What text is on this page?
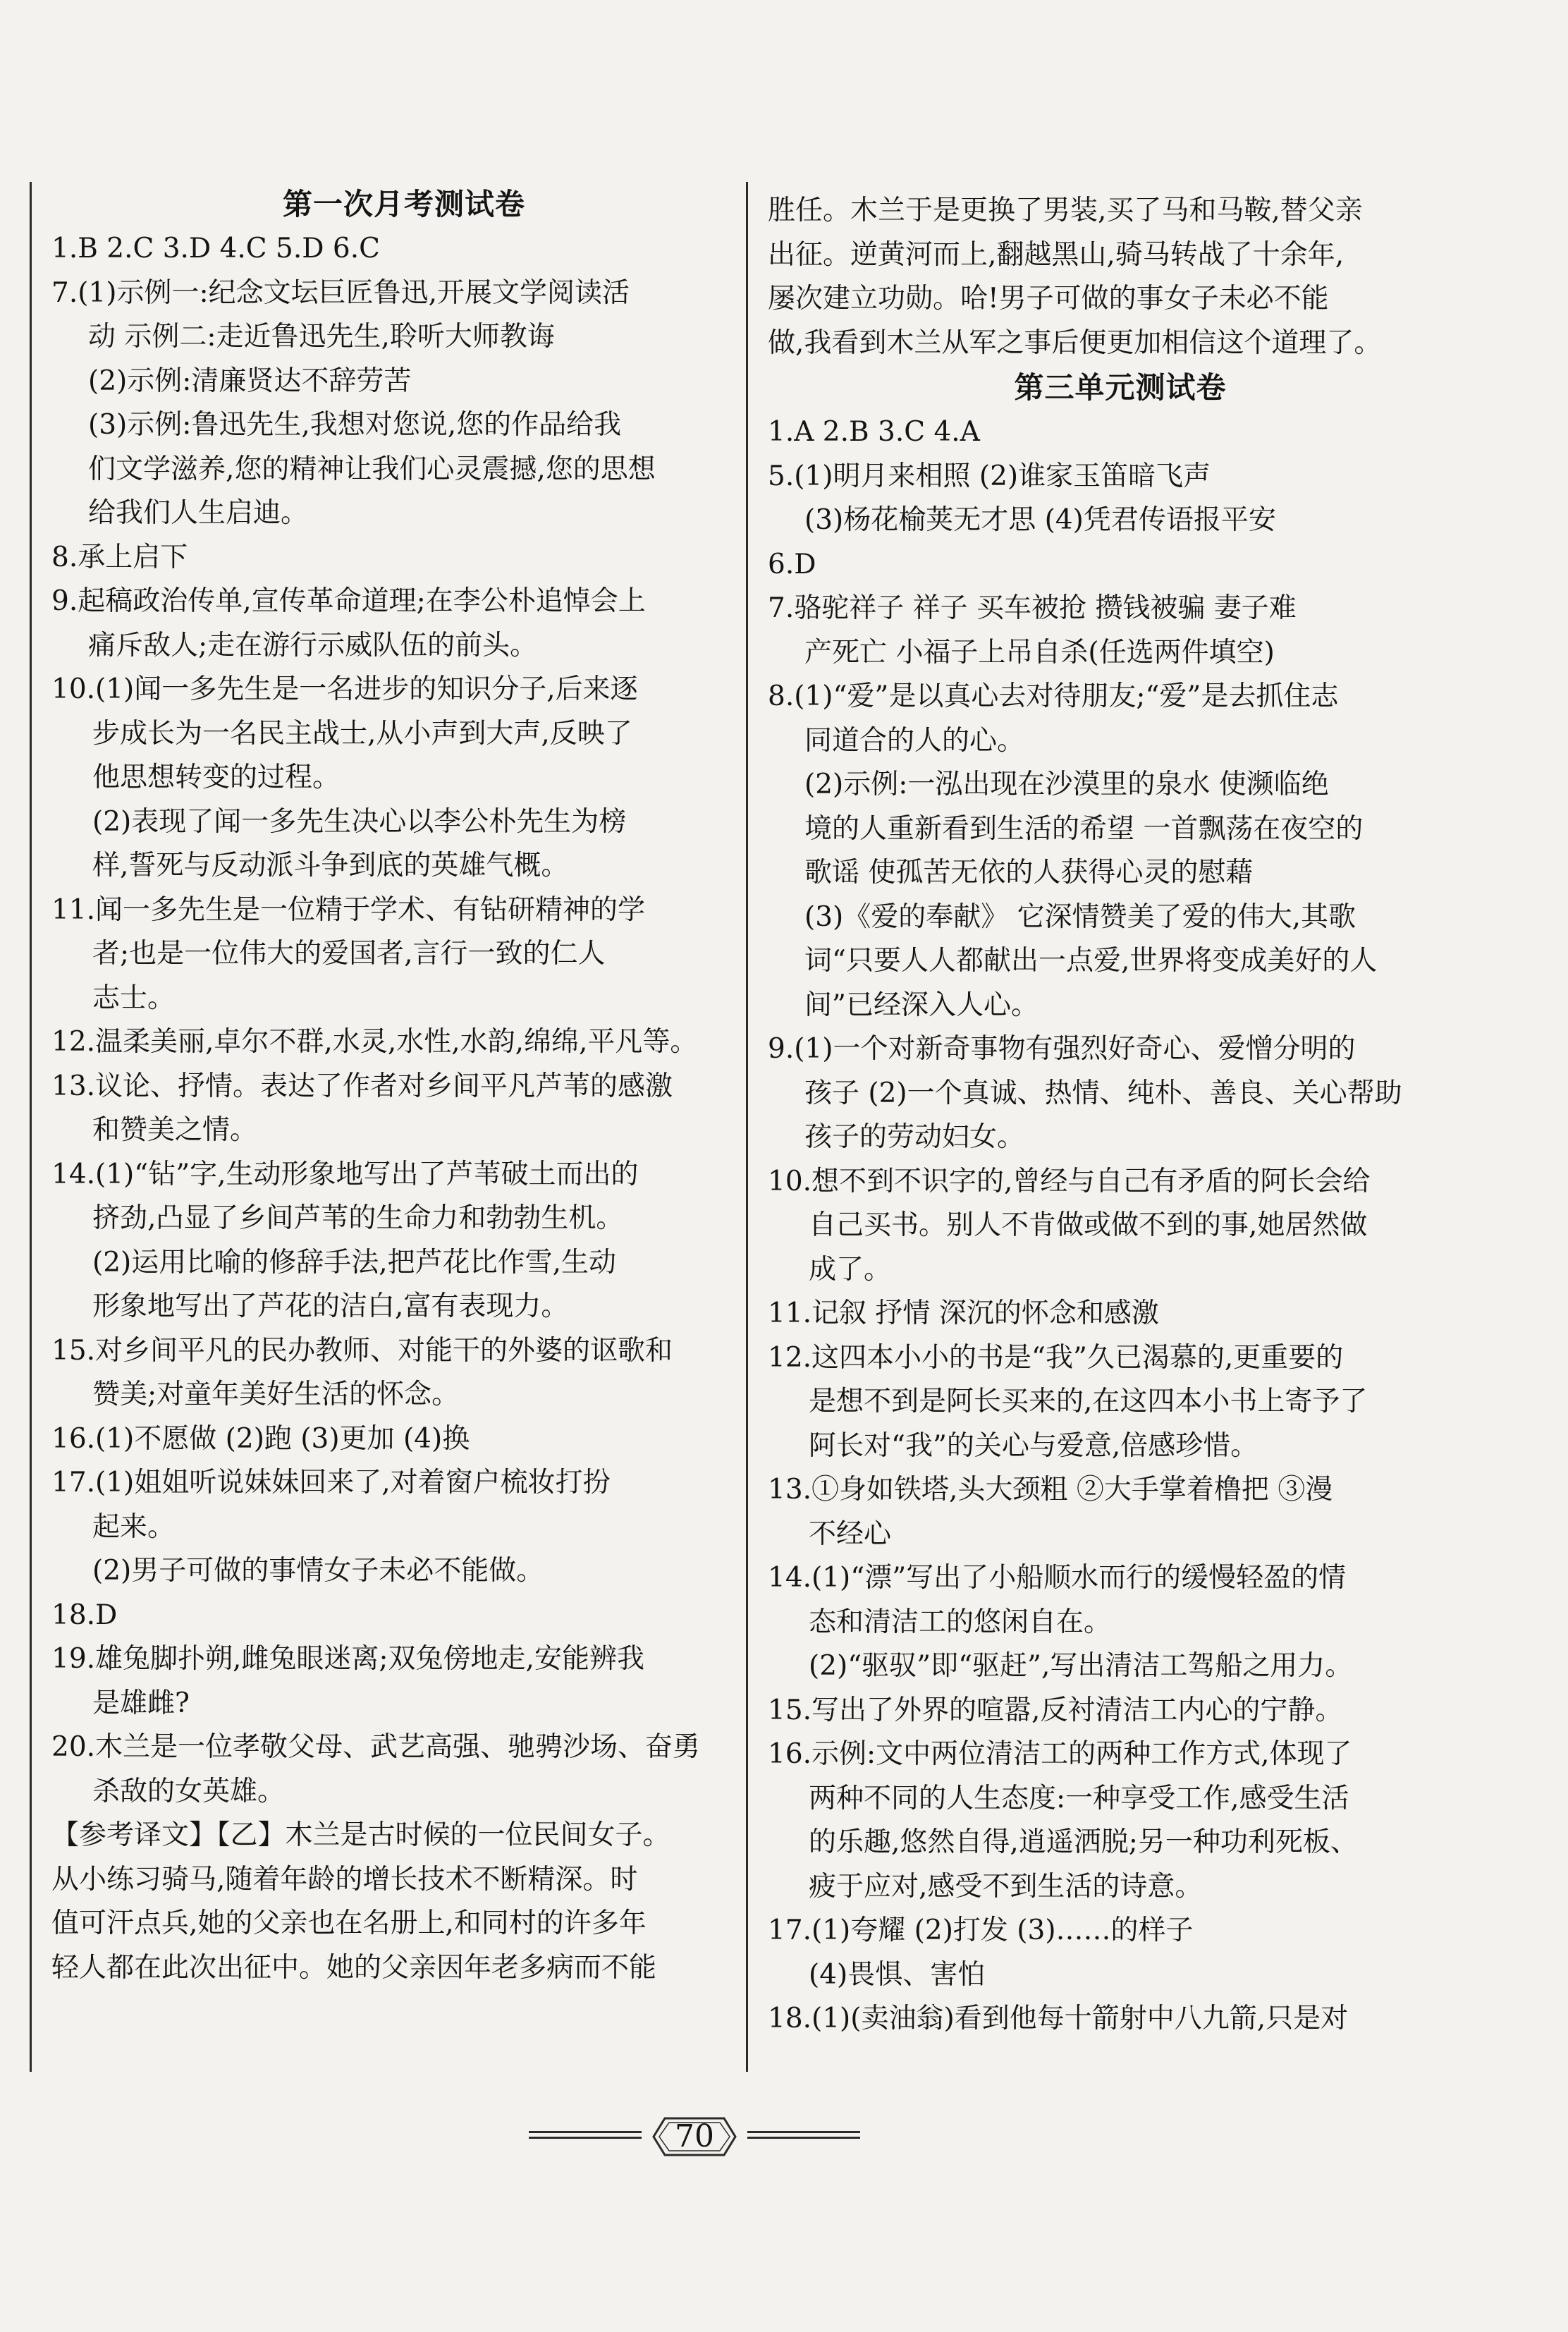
第一次月考测试卷
1.B 2.C 3.D 4.C 5.D 6.C
7.(1)示例一:纪念文坛巨匠鲁迅,开展文学阅读活
动 示例二:走近鲁迅先生,聆听大师教诲
(2)示例:清廉贤达不辞劳苦
(3)示例:鲁迅先生,我想对您说,您的作品给我
们文学滋养,您的精神让我们心灵震撼,您的思想
给我们人生启迪。
8.承上启下
9.起稿政治传单,宣传革命道理;在李公朴追悼会上
痛斥敌人;走在游行示威队伍的前头。
10.(1)闻一多先生是一名进步的知识分子,后来逐
步成长为一名民主战士,从小声到大声,反映了
他思想转变的过程。
(2)表现了闻一多先生决心以李公朴先生为榜
样,誓死与反动派斗争到底的英雄气概。
11.闻一多先生是一位精于学术、有钻研精神的学
者;也是一位伟大的爱国者,言行一致的仁人
志士。
12.温柔美丽,卓尔不群,水灵,水性,水韵,绵绵,平凡等。
13.议论、抒情。表达了作者对乡间平凡芦苇的感激
和赞美之情。
14.(1)“钻”字,生动形象地写出了芦苇破土而出的
挤劲,凸显了乡间芦苇的生命力和勃勃生机。
(2)运用比喻的修辞手法,把芦花比作雪,生动
形象地写出了芦花的洁白,富有表现力。
15.对乡间平凡的民办教师、对能干的外婆的讴歌和
赞美;对童年美好生活的怀念。
16.(1)不愿做 (2)跑 (3)更加 (4)换
17.(1)姐姐听说妹妹回来了,对着窗户梳妆打扮
起来。
(2)男子可做的事情女子未必不能做。
18.D
19.雄兔脚扑朔,雌兔眼迷离;双兔傍地走,安能辨我
是雄雌?
20.木兰是一位孝敬父母、武艺高强、驰骋沙场、奋勇
杀敌的女英雄。
【参考译文】【乙】木兰是古时候的一位民间女子。
从小练习骑马,随着年龄的增长技术不断精深。时
值可汗点兵,她的父亲也在名册上,和同村的许多年
轻人都在此次出征中。她的父亲因年老多病而不能
胜任。木兰于是更换了男装,买了马和马鞍,替父亲
出征。逆黄河而上,翻越黑山,骑马转战了十余年,
屡次建立功勋。哈!男子可做的事女子未必不能
做,我看到木兰从军之事后便更加相信这个道理了。
第三单元测试卷
1.A 2.B 3.C 4.A
5.(1)明月来相照 (2)谁家玉笛暗飞声
(3)杨花榆荚无才思 (4)凭君传语报平安
6.D
7.骆驼祥子 祥子 买车被抢 攒钱被骗 妻子难
产死亡 小福子上吊自杀(任选两件填空)
8.(1)“爱”是以真心去对待朋友;“爱”是去抓住志
同道合的人的心。
(2)示例:一泓出现在沙漠里的泉水 使濒临绝
境的人重新看到生活的希望 一首飘荡在夜空的
歌谣 使孤苦无依的人获得心灵的慰藉
(3)《爱的奉献》 它深情赞美了爱的伟大,其歌
词“只要人人都献出一点爱,世界将变成美好的人
间”已经深入人心。
9.(1)一个对新奇事物有强烈好奇心、爱憎分明的
孩子 (2)一个真诚、热情、纯朴、善良、关心帮助
孩子的劳动妇女。
10.想不到不识字的,曾经与自己有矛盾的阿长会给
自己买书。别人不肯做或做不到的事,她居然做
成了。
11.记叙 抒情 深沉的怀念和感激
12.这四本小小的书是“我”久已渴慕的,更重要的
是想不到是阿长买来的,在这四本小书上寄予了
阿长对“我”的关心与爱意,倍感珍惜。
13.①身如铁塔,头大颈粗 ②大手掌着橹把 ③漫
不经心
14.(1)“漂”写出了小船顺水而行的缓慢轻盈的情
态和清洁工的悠闲自在。
(2)“驱驭”即“驱赶”,写出清洁工驾船之用力。
15.写出了外界的喧嚣,反衬清洁工内心的宁静。
16.示例:文中两位清洁工的两种工作方式,体现了
两种不同的人生态度:一种享受工作,感受生活
的乐趣,悠然自得,逍遥洒脱;另一种功利死板、
疲于应对,感受不到生活的诗意。
17.(1)夸耀 (2)打发 (3)……的样子
(4)畏惧、害怕
18.(1)(卖油翁)看到他每十箭射中八九箭,只是对
70
